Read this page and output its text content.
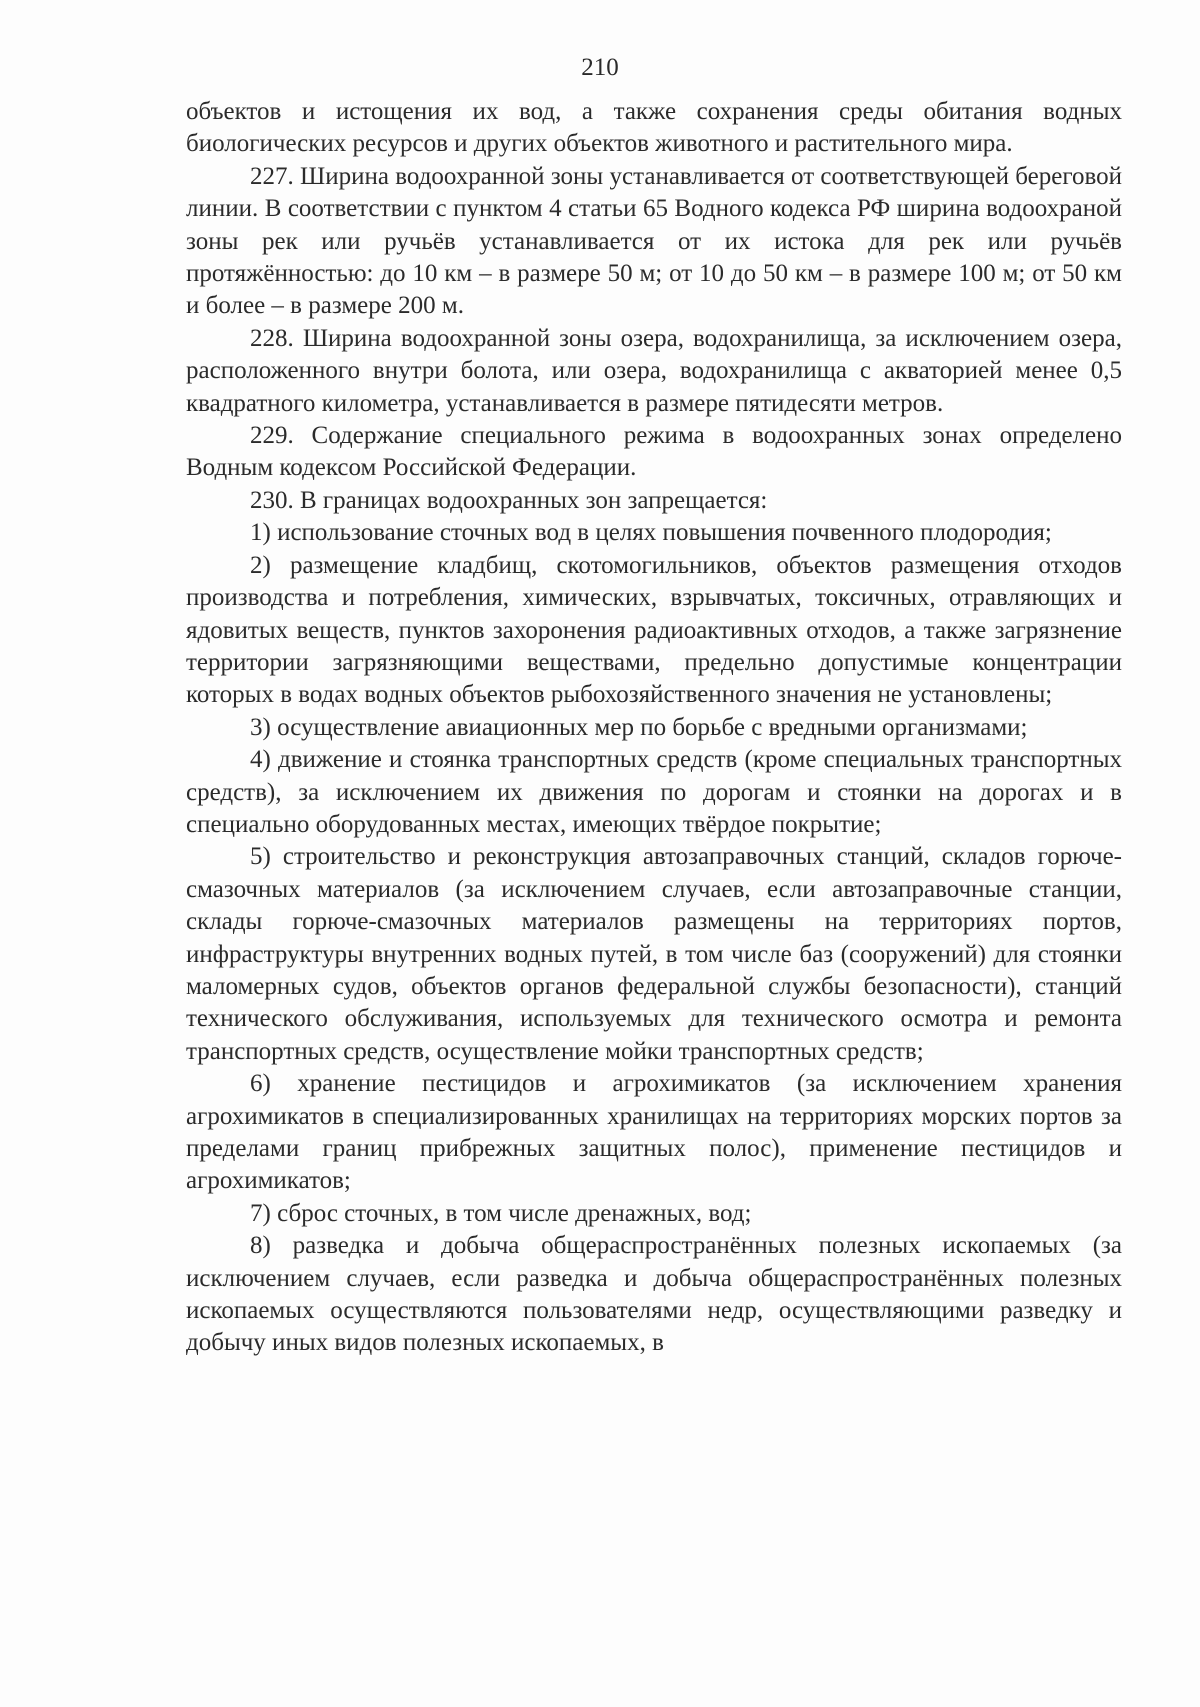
210

объектов и истощения их вод, а также сохранения среды обитания водных биологических ресурсов и других объектов животного и растительного мира.

227. Ширина водоохранной зоны устанавливается от соответствующей береговой линии. В соответствии с пунктом 4 статьи 65 Водного кодекса РФ ширина водоохраной зоны рек или ручьёв устанавливается от их истока для рек или ручьёв протяжённостью: до 10 км – в размере 50 м; от 10 до 50 км – в размере 100 м; от 50 км и более – в размере 200 м.

228. Ширина водоохранной зоны озера, водохранилища, за исключением озера, расположенного внутри болота, или озера, водохранилища с акваторией менее 0,5 квадратного километра, устанавливается в размере пятидесяти метров.

229. Содержание специального режима в водоохранных зонах определено Водным кодексом Российской Федерации.

230. В границах водоохранных зон запрещается:

1) использование сточных вод в целях повышения почвенного плодородия;

2) размещение кладбищ, скотомогильников, объектов размещения отходов производства и потребления, химических, взрывчатых, токсичных, отравляющих и ядовитых веществ, пунктов захоронения радиоактивных отходов, а также загрязнение территории загрязняющими веществами, предельно допустимые концентрации которых в водах водных объектов рыбохозяйственного значения не установлены;

3) осуществление авиационных мер по борьбе с вредными организмами;

4) движение и стоянка транспортных средств (кроме специальных транспортных средств), за исключением их движения по дорогам и стоянки на дорогах и в специально оборудованных местах, имеющих твёрдое покрытие;

5) строительство и реконструкция автозаправочных станций, складов горюче-смазочных материалов (за исключением случаев, если автозаправочные станции, склады горюче-смазочных материалов размещены на территориях портов, инфраструктуры внутренних водных путей, в том числе баз (сооружений) для стоянки маломерных судов, объектов органов федеральной службы безопасности), станций технического обслуживания, используемых для технического осмотра и ремонта транспортных средств, осуществление мойки транспортных средств;

6) хранение пестицидов и агрохимикатов (за исключением хранения агрохимикатов в специализированных хранилищах на территориях морских портов за пределами границ прибрежных защитных полос), применение пестицидов и агрохимикатов;

7) сброс сточных, в том числе дренажных, вод;

8) разведка и добыча общераспространённых полезных ископаемых (за исключением случаев, если разведка и добыча общераспространённых полезных ископаемых осуществляются пользователями недр, осуществляющими разведку и добычу иных видов полезных ископаемых, в
